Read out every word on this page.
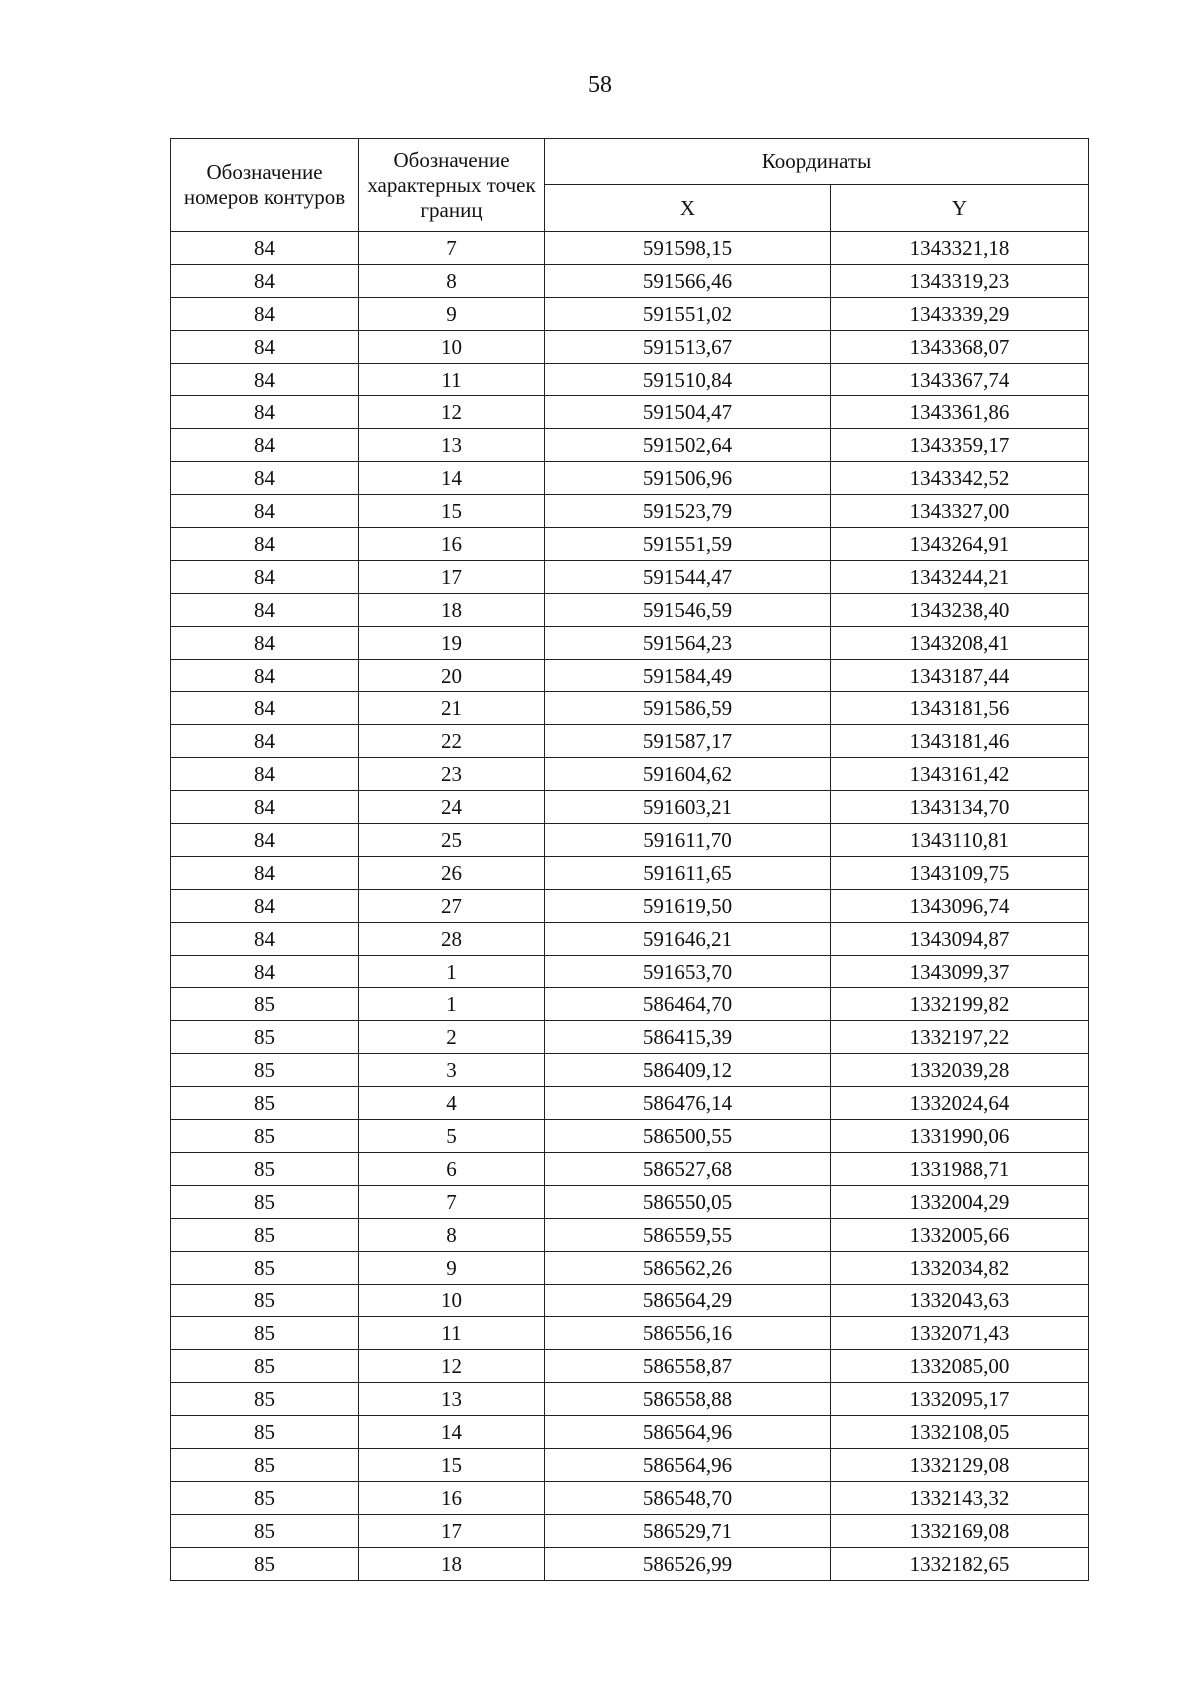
58
Обозначение номеров контуров	Обозначение характерных точек границ	Координаты	
		X	Y
84	7	591598,15	1343321,18
84	8	591566,46	1343319,23
84	9	591551,02	1343339,29
84	10	591513,67	1343368,07
84	11	591510,84	1343367,74
84	12	591504,47	1343361,86
84	13	591502,64	1343359,17
84	14	591506,96	1343342,52
84	15	591523,79	1343327,00
84	16	591551,59	1343264,91
84	17	591544,47	1343244,21
84	18	591546,59	1343238,40
84	19	591564,23	1343208,41
84	20	591584,49	1343187,44
84	21	591586,59	1343181,56
84	22	591587,17	1343181,46
84	23	591604,62	1343161,42
84	24	591603,21	1343134,70
84	25	591611,70	1343110,81
84	26	591611,65	1343109,75
84	27	591619,50	1343096,74
84	28	591646,21	1343094,87
84	1	591653,70	1343099,37
85	1	586464,70	1332199,82
85	2	586415,39	1332197,22
85	3	586409,12	1332039,28
85	4	586476,14	1332024,64
85	5	586500,55	1331990,06
85	6	586527,68	1331988,71
85	7	586550,05	1332004,29
85	8	586559,55	1332005,66
85	9	586562,26	1332034,82
85	10	586564,29	1332043,63
85	11	586556,16	1332071,43
85	12	586558,87	1332085,00
85	13	586558,88	1332095,17
85	14	586564,96	1332108,05
85	15	586564,96	1332129,08
85	16	586548,70	1332143,32
85	17	586529,71	1332169,08
85	18	586526,99	1332182,65
